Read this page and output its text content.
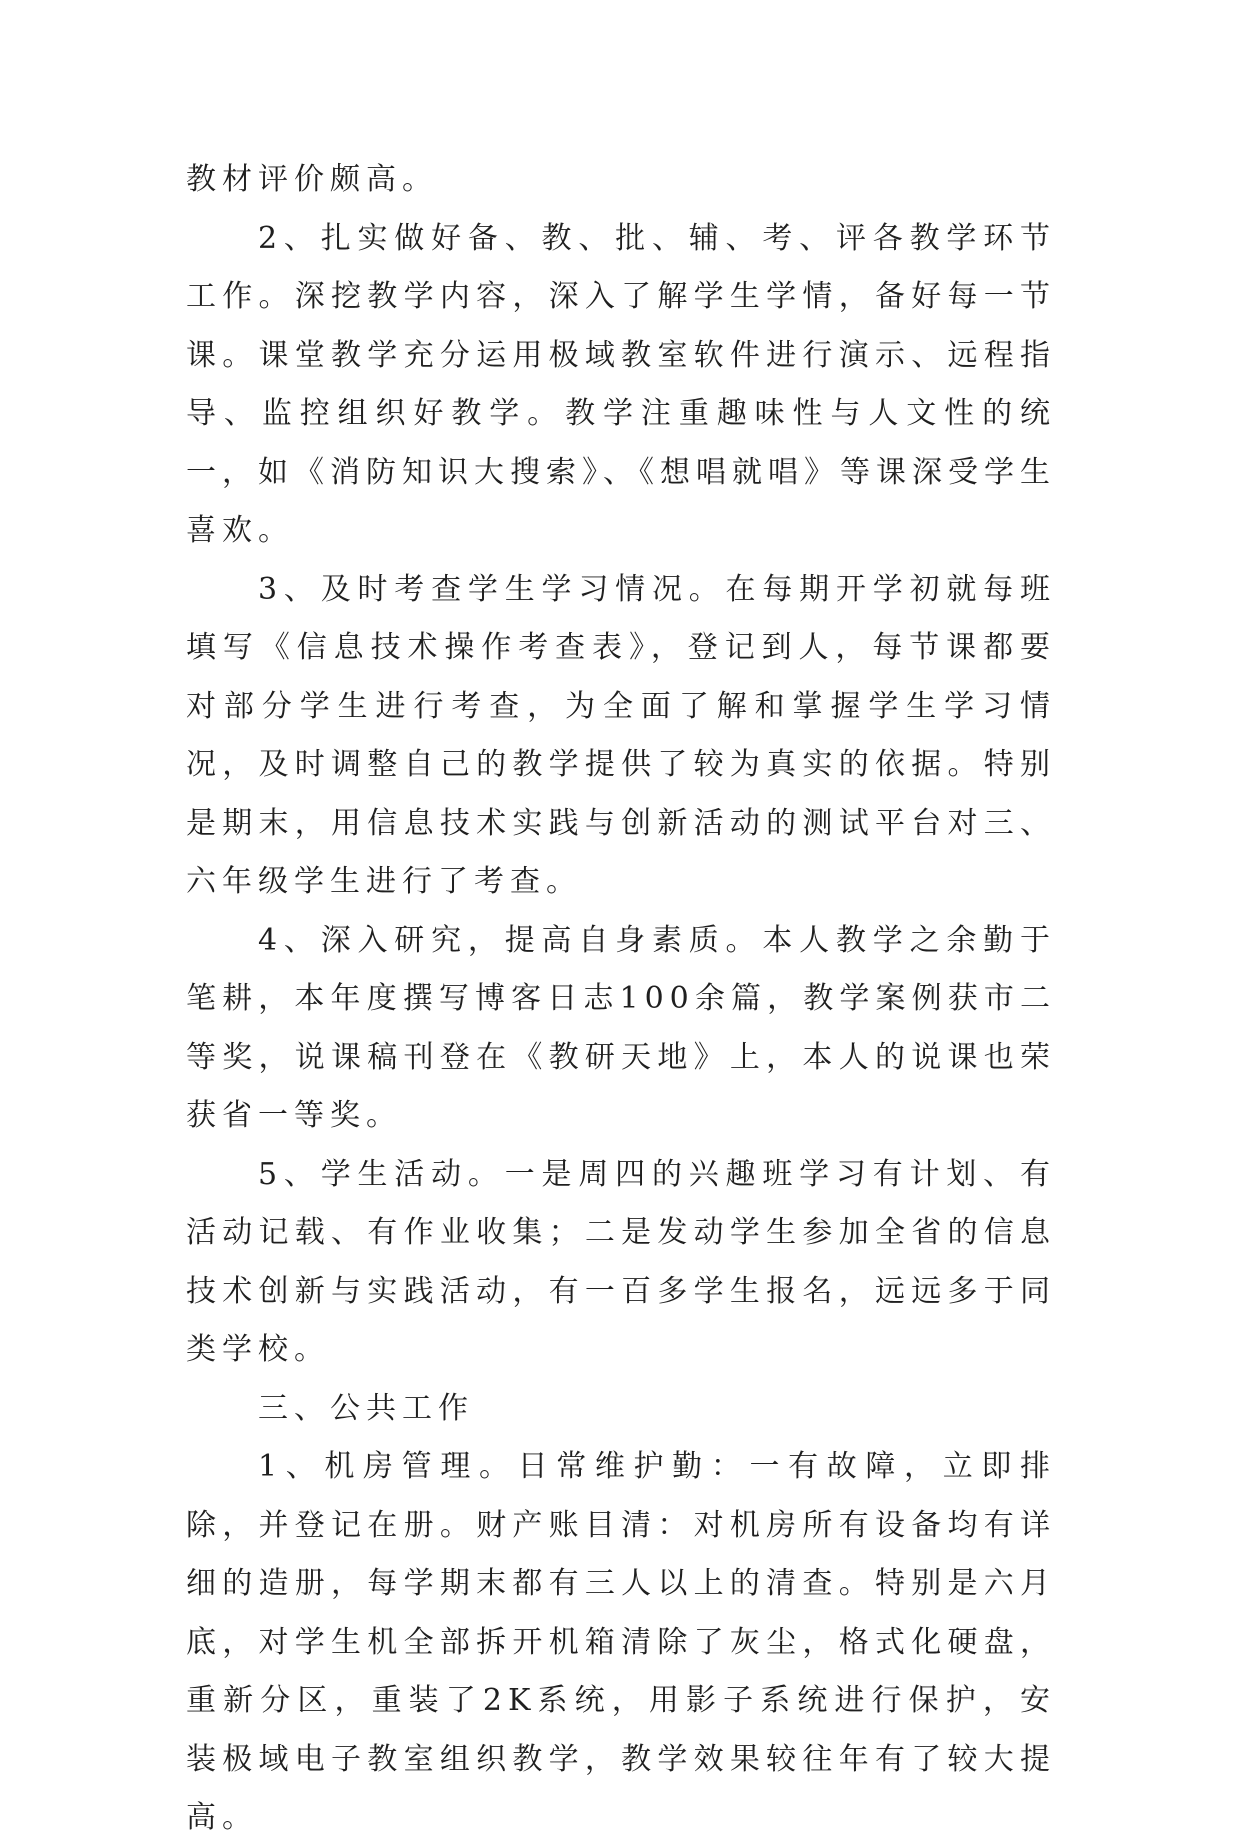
教材评价颇高。

2、扎实做好备、教、批、辅、考、评各教学环节工作。深挖教学内容，深入了解学生学情，备好每一节课。课堂教学充分运用极域教室软件进行演示、远程指导、监控组织好教学。教学注重趣味性与人文性的统一，如《消防知识大搜索》、《想唱就唱》等课深受学生喜欢。

3、及时考查学生学习情况。在每期开学初就每班填写《信息技术操作考查表》，登记到人，每节课都要对部分学生进行考查，为全面了解和掌握学生学习情况，及时调整自己的教学提供了较为真实的依据。特别是期末，用信息技术实践与创新活动的测试平台对三、六年级学生进行了考查。

4、深入研究，提高自身素质。本人教学之余勤于笔耕，本年度撰写博客日志100余篇，教学案例获市二等奖，说课稿刊登在《教研天地》上，本人的说课也荣获省一等奖。

5、学生活动。一是周四的兴趣班学习有计划、有活动记载、有作业收集；二是发动学生参加全省的信息技术创新与实践活动，有一百多学生报名，远远多于同类学校。

三、公共工作

1、机房管理。日常维护勤：一有故障，立即排除，并登记在册。财产账目清：对机房所有设备均有详细的造册，每学期末都有三人以上的清查。特别是六月底，对学生机全部拆开机箱清除了灰尘，格式化硬盘，重新分区，重装了2K系统，用影子系统进行保护，安装极域电子教室组织教学，教学效果较往年有了较大提高。
